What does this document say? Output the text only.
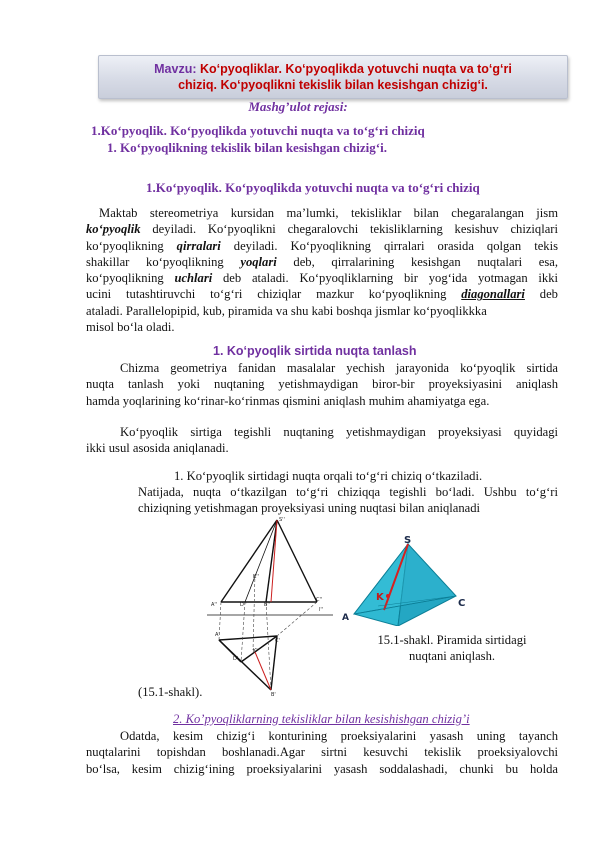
Mavzu: Ko‘pyoqliklar. Ko‘pyoqlikda yotuvchi nuqta va to‘g‘ri
chiziq. Ko‘pyoqlikni tekislik bilan kesishgan chizig‘i.
Mashg’ulot rejasi:
1.Ko‘pyoqlik. Ko‘pyoqlikda yotuvchi nuqta va to‘g‘ri chiziq
1. Ko‘pyoqlikning tekislik bilan kesishgan chizig‘i.
1.Ko‘pyoqlik. Ko‘pyoqlikda yotuvchi nuqta va to‘g‘ri chiziq
Maktab stereometriya kursidan ma’lumki, tekisliklar bilan chegaralangan jism
ko‘pyoqlik deyiladi. Ko‘pyoqlikni chegaralovchi tekisliklarning kesishuv chiziqlari
ko‘pyoqlikning qirralari deyiladi. Ko‘pyoqlikning qirralari orasida qolgan tekis
shakillar ko‘pyoqlikning yoqlari deb, qirralarining kesishgan nuqtalari esa,
ko‘pyoqlikning uchlari deb ataladi. Ko‘pyoqliklarning bir yog‘ida yotmagan ikki
ucini tutashtiruvchi to‘g‘ri chiziqlar mazkur ko‘pyoqlikning diagonallari deb
ataladi. Parallelopipid, kub, piramida va shu kabi boshqa jismlar ko‘pyoqlikkka
misol bo‘la oladi.
1. Ko‘pyoqlik sirtida nuqta tanlash
Chizma geometriya fanidan masalalar yechish jarayonida ko‘pyoqlik sirtida
nuqta tanlash yoki nuqtaning yetishmaydigan biror-bir proyeksiyasini aniqlash
hamda yoqlarining ko‘rinar-ko‘rinmas qismini aniqlash muhim ahamiyatga ega.
Ko‘pyoqlik sirtiga tegishli nuqtaning yetishmaydigan proyeksiyasi quyidagi
ikki usul asosida aniqlanadi.
1. Ko‘pyoqlik sirtidagi nuqta orqali to‘g‘ri chiziq o‘tkaziladi.
Natijada, nuqta o‘tkazilgan to‘g‘ri chiziqqa tegishli bo‘ladi. Ushbu to‘g‘ri
chiziqning yetishmagan proyeksiyasi uning nuqtasi bilan aniqlanadi
S''
K''
A''	D''	B''
C''
l''
A'
C'
D'
K'
B'
S
K
A
C
15.1-shakl. Piramida sirtidagi
nuqtani aniqlash.
(15.1-shakl).
2. Ko’pyoqliklarning tekisliklar bilan kesishishgan chizig’i
Odatda, kesim chizig‘i konturining proeksiyalarini yasash uning tayanch
nuqtalarini topishdan boshlanadi.Agar sirtni kesuvchi tekislik proeksiyalovchi
bo‘lsa, kesim chizig‘ining proeksiyalarini yasash soddalashadi, chunki bu holda
